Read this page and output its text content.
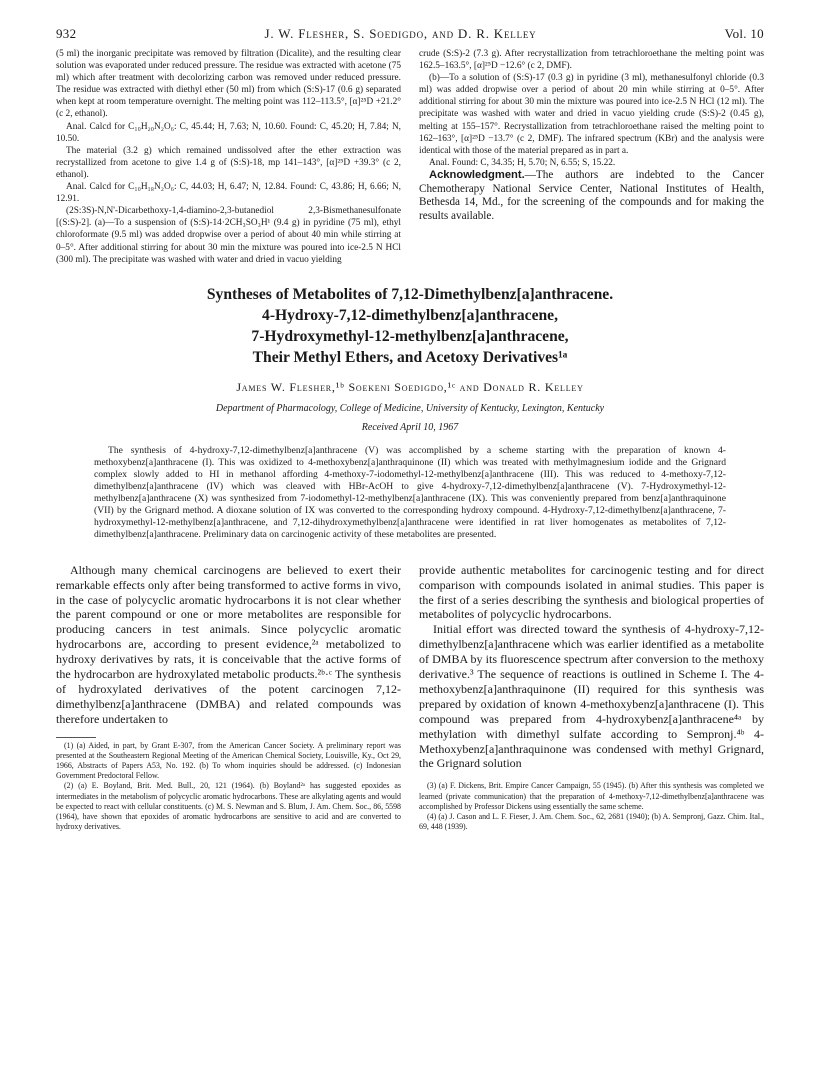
932	J. W. Flesher, S. Soedigdo, and D. R. Kelley	Vol. 10

(5 ml) the inorganic precipitate was removed by filtration (Dicalite), and the resulting clear solution was evaporated under reduced pressure. The residue was extracted with acetone (75 ml) which after treatment with decolorizing carbon was removed under reduced pressure. The residue was extracted with diethyl ether (50 ml) from which (S:S)-17 (0.6 g) separated when kept at room temperature overnight. The melting point was 112–113.5°, [α]²⁵D +21.2° (c 2, ethanol).

Anal. Calcd for C₁₀H₂₀N₂O₆: C, 45.44; H, 7.63; N, 10.60. Found: C, 45.20; H, 7.84; N, 10.50.

The material (3.2 g) which remained undissolved after the ether extraction was recrystallized from acetone to give 1.4 g of (S:S)-18, mp 141–143°, [α]²⁵D +39.3° (c 2, ethanol).

Anal. Calcd for C₁₀H₁₈N₂O₆: C, 44.03; H, 6.47; N, 12.84. Found: C, 43.86; H, 6.66; N, 12.91.

(2S:3S)-N,N'-Dicarbethoxy-1,4-diamino-2,3-butanediol 2,3-Bismethanesulfonate [(S:S)-2]. (a)—To a suspension of (S:S)-14·2CH₃SO₃H¹ (9.4 g) in pyridine (75 ml), ethyl chloroformate (9.5 ml) was added dropwise over a period of about 40 min while stirring at 0–5°. After additional stirring for about 30 min the mixture was poured into ice-2.5 N HCl (300 ml). The precipitate was washed with water and dried in vacuo yielding

crude (S:S)-2 (7.3 g). After recrystallization from tetrachloroethane the melting point was 162.5–163.5°, [α]²⁵D −12.6° (c 2, DMF).

(b)—To a solution of (S:S)-17 (0.3 g) in pyridine (3 ml), methanesulfonyl chloride (0.3 ml) was added dropwise over a period of about 20 min while stirring at 0–5°. After additional stirring for about 30 min the mixture was poured into ice-2.5 N HCl (12 ml). The precipitate was washed with water and dried in vacuo yielding crude (S:S)-2 (0.45 g), melting at 155–157°. Recrystallization from tetrachloroethane raised the melting point to 162–163°, [α]²⁵D −13.7° (c 2, DMF). The infrared spectrum (KBr) and the analysis were identical with those of the material prepared as in part a.

Anal. Found: C, 34.35; H, 5.70; N, 6.55; S, 15.22.

Acknowledgment.—The authors are indebted to the Cancer Chemotherapy National Service Center, National Institutes of Health, Bethesda 14, Md., for the screening of the compounds and for making the results available.

Syntheses of Metabolites of 7,12-Dimethylbenz[a]anthracene.
4-Hydroxy-7,12-dimethylbenz[a]anthracene,
7-Hydroxymethyl-12-methylbenz[a]anthracene,
Their Methyl Ethers, and Acetoxy Derivatives¹ᵃ
James W. Flesher,¹ᵇ Soekeni Soedigdo,¹ᶜ and Donald R. Kelley
Department of Pharmacology, College of Medicine, University of Kentucky, Lexington, Kentucky
Received April 10, 1967
The synthesis of 4-hydroxy-7,12-dimethylbenz[a]anthracene (V) was accomplished by a scheme starting with the preparation of known 4-methoxybenz[a]anthracene (I). This was oxidized to 4-methoxybenz[a]anthraquinone (II) which was treated with methylmagnesium iodide and the Grignard complex slowly added to HI in methanol affording 4-methoxy-7-iodomethyl-12-methylbenz[a]anthracene (III). This was reduced to 4-methoxy-7,12-dimethylbenz[a]anthracene (IV) which was cleaved with HBr-AcOH to give 4-hydroxy-7,12-dimethylbenz[a]anthracene (V). 7-Hydroxymethyl-12-methylbenz[a]anthracene (X) was synthesized from 7-iodomethyl-12-methylbenz[a]anthracene (IX). This was conveniently prepared from benz[a]anthraquinone (VII) by the Grignard method. A dioxane solution of IX was converted to the corresponding hydroxy compound. 4-Hydroxy-7,12-dimethylbenz[a]anthracene, 7-hydroxymethyl-12-methylbenz[a]anthracene, and 7,12-dihydroxymethylbenz[a]anthracene were identified in rat liver homogenates as metabolites of 7,12-dimethylbenz[a]anthracene. Preliminary data on carcinogenic activity of these metabolites are presented.

Although many chemical carcinogens are believed to exert their remarkable effects only after being transformed to active forms in vivo, in the case of polycyclic aromatic hydrocarbons it is not clear whether the parent compound or one or more metabolites are responsible for producing cancers in test animals. Since polycyclic aromatic hydrocarbons are, according to present evidence,²ᵃ metabolized to hydroxy derivatives by rats, it is conceivable that the active forms of the hydrocarbon are hydroxylated metabolic products.²ᵇ·ᶜ The synthesis of hydroxylated derivatives of the potent carcinogen 7,12-dimethylbenz[a]anthracene (DMBA) and related compounds was therefore undertaken to

(1) (a) Aided, in part, by Grant E-307, from the American Cancer Society. A preliminary report was presented at the Southeastern Regional Meeting of the American Chemical Society, Louisville, Ky., Oct 29, 1966, Abstracts of Papers A53, No. 192. (b) To whom inquiries should be addressed. (c) Indonesian Government Predoctoral Fellow.

(2) (a) E. Boyland, Brit. Med. Bull., 20, 121 (1964). (b) Boyland²ᵃ has suggested epoxides as intermediates in the metabolism of polycyclic aromatic hydrocarbons. These are alkylating agents and would be expected to react with cellular constituents. (c) M. S. Newman and S. Blum, J. Am. Chem. Soc., 86, 5598 (1964), have shown that epoxides of aromatic hydrocarbons are sensitive to acid and are converted to hydroxy derivatives.

provide authentic metabolites for carcinogenic testing and for direct comparison with compounds isolated in animal studies. This paper is the first of a series describing the synthesis and biological properties of metabolites of polycyclic hydrocarbons.

Initial effort was directed toward the synthesis of 4-hydroxy-7,12-dimethylbenz[a]anthracene which was earlier identified as a metabolite of DMBA by its fluorescence spectrum after conversion to the methoxy derivative.³ The sequence of reactions is outlined in Scheme I. The 4-methoxybenz[a]anthraquinone (II) required for this synthesis was prepared by oxidation of known 4-methoxybenz[a]anthracene (I). This compound was prepared from 4-hydroxybenz[a]anthracene⁴ᵃ by methylation with dimethyl sulfate according to Sempronj.⁴ᵇ 4-Methoxybenz[a]anthraquinone was condensed with methyl Grignard, the Grignard solution

(3) (a) F. Dickens, Brit. Empire Cancer Campaign, 55 (1945). (b) After this synthesis was completed we learned (private communication) that the preparation of 4-methoxy-7,12-dimethylbenz[a]anthracene was accomplished by Professor Dickens using essentially the same scheme.

(4) (a) J. Cason and L. F. Fieser, J. Am. Chem. Soc., 62, 2681 (1940); (b) A. Sempronj, Gazz. Chim. Ital., 69, 448 (1939).
